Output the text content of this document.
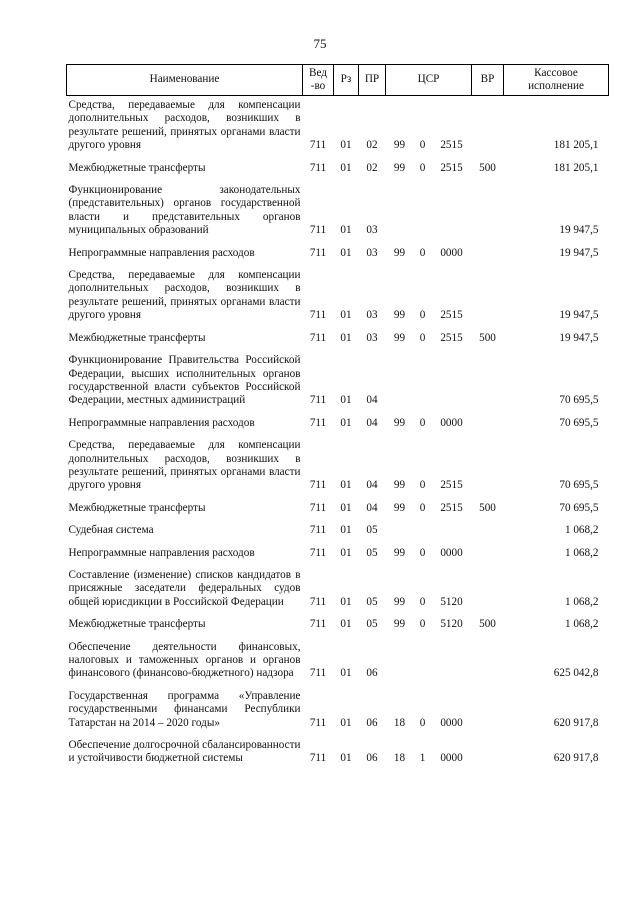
75
Наименование	Вед-во	Рз	ПР	ЦСР			ВР	Кассовое исполнение

Средства, передаваемые для компенсации дополнительных расходов, возникших в результате решений, принятых органами власти другого уровня	711	01	02	99	0	2515		181 205,1
Межбюджетные трансферты	711	01	02	99	0	2515	500	181 205,1
Функционирование законодательных (представительных) органов государственной власти и представительных органов муниципальных образований	711	01	03					19 947,5
Непрограммные направления расходов	711	01	03	99	0	0000		19 947,5
Средства, передаваемые для компенсации дополнительных расходов, возникших в результате решений, принятых органами власти другого уровня	711	01	03	99	0	2515		19 947,5
Межбюджетные трансферты	711	01	03	99	0	2515	500	19 947,5
Функционирование Правительства Российской Федерации, высших исполнительных органов государственной власти субъектов Российской Федерации, местных администраций	711	01	04					70 695,5
Непрограммные направления расходов	711	01	04	99	0	0000		70 695,5
Средства, передаваемые для компенсации дополнительных расходов, возникших в результате решений, принятых органами власти другого уровня	711	01	04	99	0	2515		70 695,5
Межбюджетные трансферты	711	01	04	99	0	2515	500	70 695,5
Судебная система	711	01	05					1 068,2
Непрограммные направления расходов	711	01	05	99	0	0000		1 068,2
Составление (изменение) списков кандидатов в присяжные заседатели федеральных судов общей юрисдикции в Российской Федерации	711	01	05	99	0	5120		1 068,2
Межбюджетные трансферты	711	01	05	99	0	5120	500	1 068,2
Обеспечение деятельности финансовых, налоговых и таможенных органов и органов финансового (финансово-бюджетного) надзора	711	01	06					625 042,8
Государственная программа «Управление государственными финансами Республики Татарстан на 2014 – 2020 годы»	711	01	06	18	0	0000		620 917,8
Обеспечение долгосрочной сбалансированности и устойчивости бюджетной системы	711	01	06	18	1	0000		620 917,8
